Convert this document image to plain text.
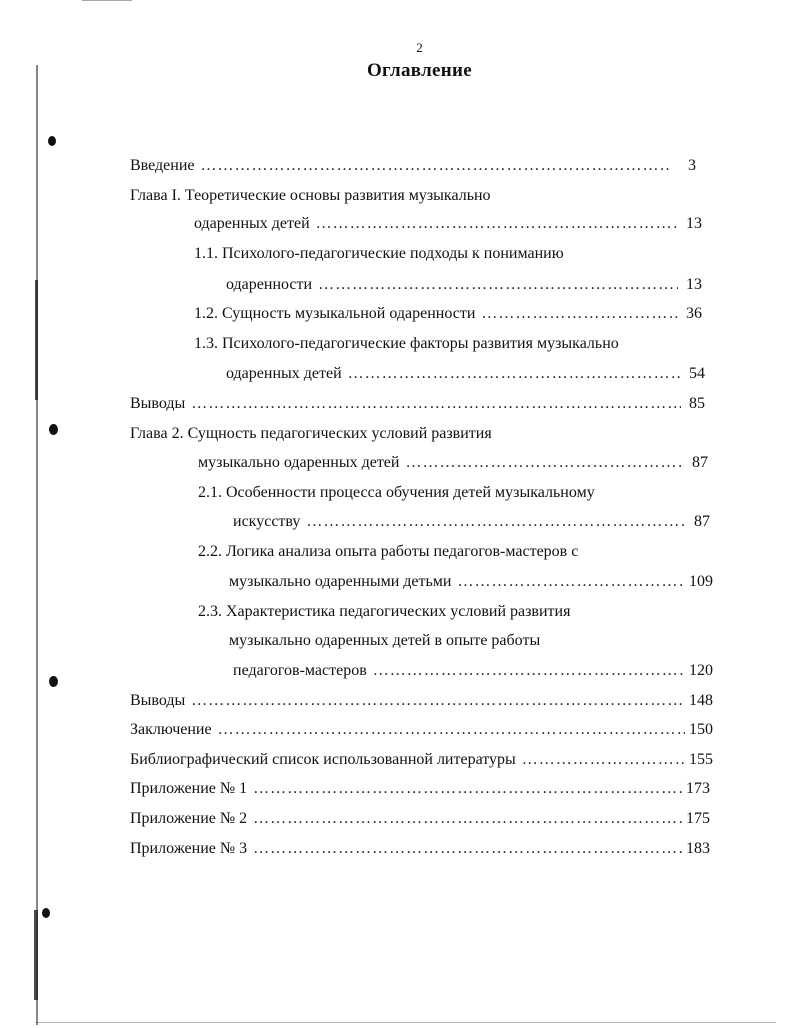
2
Оглавление
Введение ……………………………………………………………………………………………………………………………………………………………………………………………………………	3
Глава I. Теоретические основы развития музыкально
одаренных детей ……………………………………………………………………………………………………………………………………………………………………………………………………………	13
1.1. Психолого-педагогические подходы к пониманию
одаренности ……………………………………………………………………………………………………………………………………………………………………………………………………………	13
1.2. Сущность музыкальной одаренности ……………………………………………………………………………………………………………………………………………………………………………………………………………	36
1.3. Психолого-педагогические факторы развития музыкально
одаренных детей ……………………………………………………………………………………………………………………………………………………………………………………………………………	54
Выводы ……………………………………………………………………………………………………………………………………………………………………………………………………………	85
Глава 2. Сущность педагогических условий развития
музыкально одаренных детей ……………………………………………………………………………………………………………………………………………………………………………………………………………	87
2.1. Особенности процесса обучения детей музыкальному
искусству ……………………………………………………………………………………………………………………………………………………………………………………………………………	87
2.2. Логика анализа опыта работы педагогов-мастеров с
музыкально одаренными детьми ……………………………………………………………………………………………………………………………………………………………………………………………………………	109
2.3. Характеристика педагогических условий развития
музыкально одаренных детей в опыте работы
педагогов-мастеров ……………………………………………………………………………………………………………………………………………………………………………………………………………	120
Выводы ……………………………………………………………………………………………………………………………………………………………………………………………………………	148
Заключение ……………………………………………………………………………………………………………………………………………………………………………………………………………	150
Библиографический список использованной литературы ……………………………………………………………………………………………………………………………………………………………………………………………………………	155
Приложение № 1 ……………………………………………………………………………………………………………………………………………………………………………………………………………	173
Приложение № 2 ……………………………………………………………………………………………………………………………………………………………………………………………………………	175
Приложение № 3 ……………………………………………………………………………………………………………………………………………………………………………………………………………	183
